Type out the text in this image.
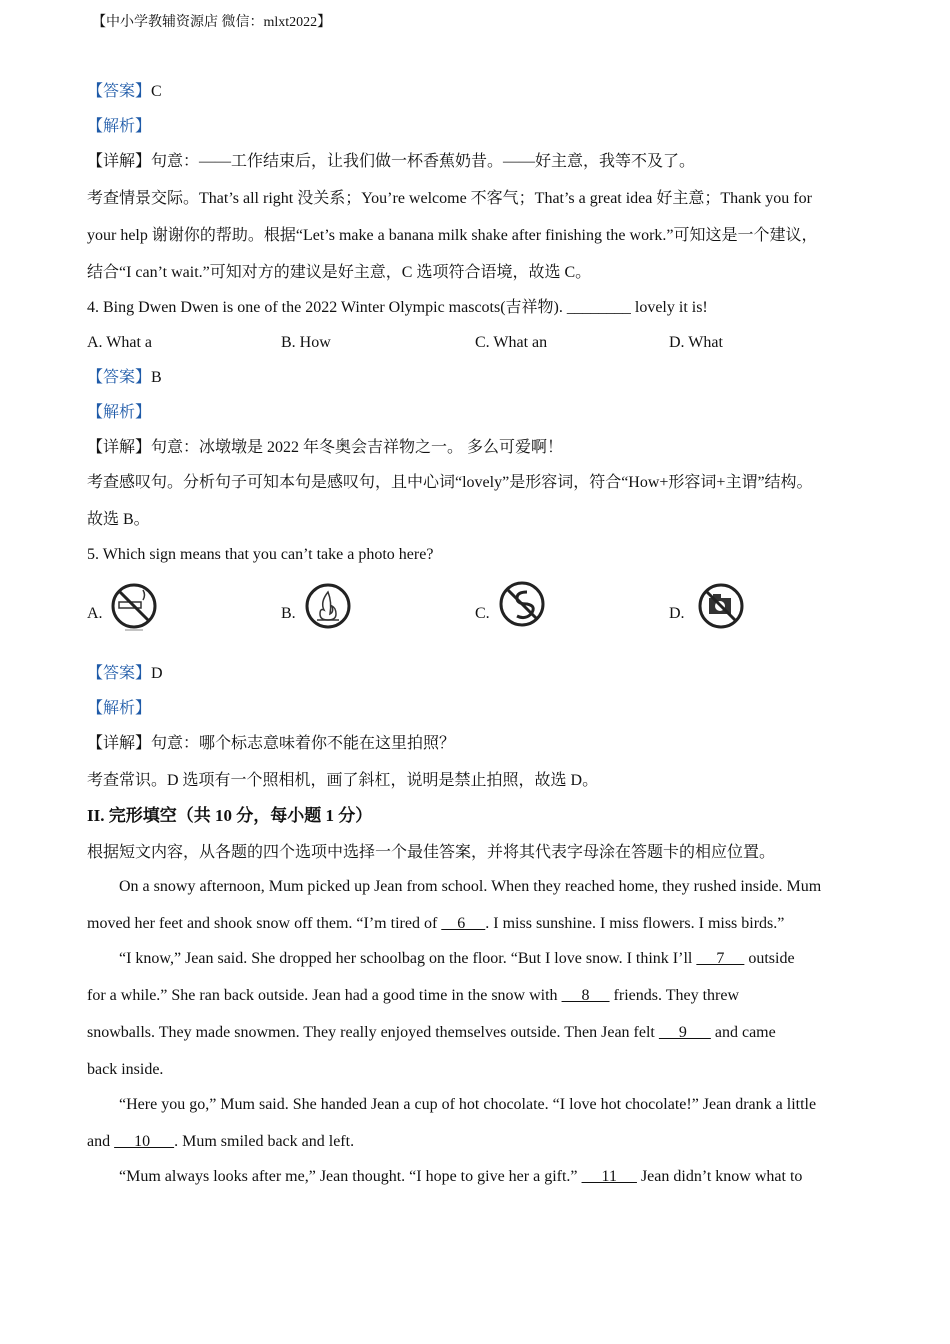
【中小学教辅资源店 微信：mlxt2022】
【答案】C
【解析】
【详解】句意：——工作结束后，让我们做一杯香蕉奶昔。——好主意，我等不及了。
考查情景交际。That’s all right 没关系；You’re welcome 不客气；That’s a great idea 好主意；Thank you for
your help 谢谢你的帮助。根据“Let’s make a banana milk shake after finishing the work.”可知这是一个建议，
结合“I can’t wait.”可知对方的建议是好主意，C 选项符合语境，故选 C。
4. Bing Dwen Dwen is one of the 2022 Winter Olympic mascots(吉祥物). ________ lovely it is!
A. What a	B. How	C. What an	D. What
【答案】B
【解析】
【详解】句意：冰墩墩是 2022 年冬奥会吉祥物之一。 多么可爱啊！
考查感叹句。分析句子可知本句是感叹句，且中心词“lovely”是形容词，符合“How+形容词+主谓”结构。
故选 B。
5. Which sign means that you can’t take a photo here?
A.	B.	C.	D.
【答案】D
【解析】
【详解】句意：哪个标志意味着你不能在这里拍照？
考查常识。D 选项有一个照相机，画了斜杠，说明是禁止拍照，故选 D。
II. 完形填空（共 10 分，每小题 1 分）
根据短文内容，从各题的四个选项中选择一个最佳答案，并将其代表字母涂在答题卡的相应位置。
On a snowy afternoon, Mum picked up Jean from school. When they reached home, they rushed inside. Mum
moved her feet and shook snow off them. “I’m tired of     6     . I miss sunshine. I miss flowers. I miss birds.”
“I know,” Jean said. She dropped her schoolbag on the floor. “But I love snow. I think I’ll      7      outside
for a while.” She ran back outside. Jean had a good time in the snow with      8      friends. They threw
snowballs. They made snowmen. They really enjoyed themselves outside. Then Jean felt      9       and came
back inside.
“Here you go,” Mum said. She handed Jean a cup of hot chocolate. “I love hot chocolate!” Jean drank a little
and      10      . Mum smiled back and left.
“Mum always looks after me,” Jean thought. “I hope to give her a gift.”      11      Jean didn’t know what to
